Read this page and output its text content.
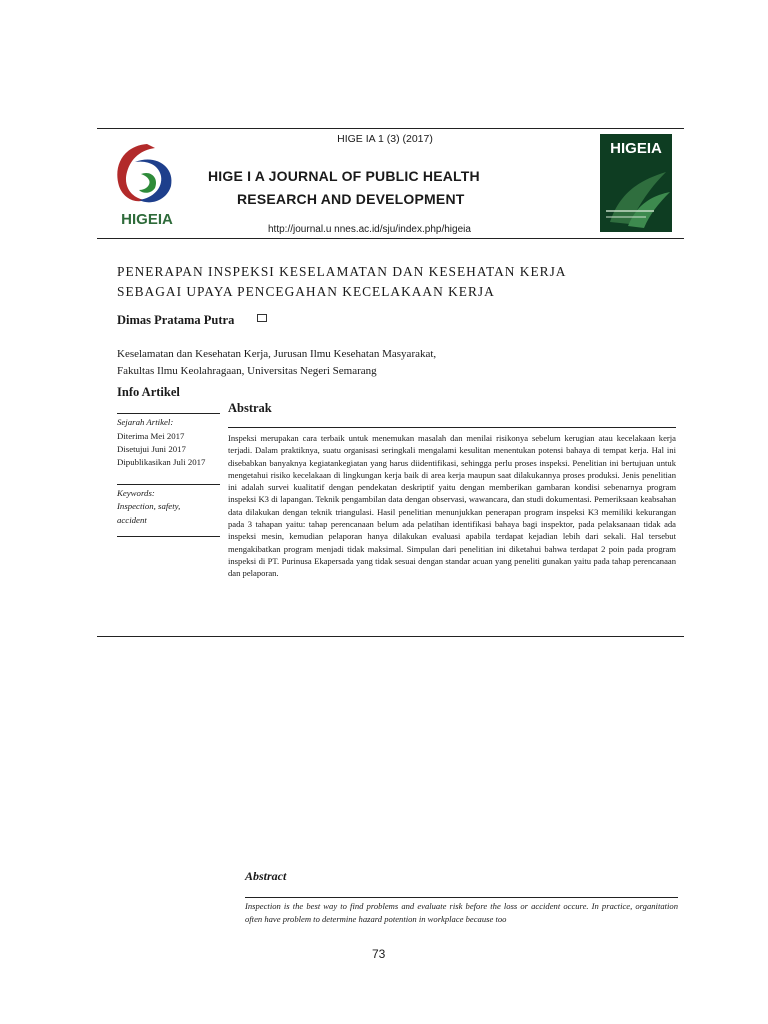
HIGE IA 1 (3) (2017)
HIGEIA
HIGE I A JOURNAL OF PUBLIC HEALTH
RESEARCH AND DEVELOPMENT
http://journal.u nnes.ac.id/sju/index.php/higeia
HIGEIA
PENERAPAN INSPEKSI KESELAMATAN DAN KESEHATAN KERJA
SEBAGAI UPAYA PENCEGAHAN KECELAKAAN KERJA
Dimas Pratama Putra
Keselamatan dan Kesehatan Kerja, Jurusan Ilmu Kesehatan Masyarakat,
Fakultas Ilmu Keolahragaan, Universitas Negeri Semarang
Info Artikel
Sejarah Artikel:
Diterima Mei 2017
Disetujui Juni 2017
Dipublikasikan Juli 2017
Keywords:
Inspection, safety, accident
Abstrak
Inspeksi merupakan cara terbaik untuk menemukan masalah dan menilai risikonya sebelum kerugian atau kecelakaan kerja terjadi. Dalam praktiknya, suatu organisasi seringkali mengalami kesulitan menentukan potensi bahaya di tempat kerja. Hal ini disebabkan banyaknya kegiatankegiatan yang harus diidentifikasi, sehingga perlu proses inspeksi. Penelitian ini bertujuan untuk mengetahui risiko kecelakaan di lingkungan kerja baik di area kerja maupun saat dilakukannya proses produksi. Jenis penelitian ini adalah survei kualitatif dengan pendekatan deskriptif yaitu dengan memberikan gambaran kondisi sebenarnya program inspeksi K3 di lapangan. Teknik pengambilan data dengan observasi, wawancara, dan studi dokumentasi. Pemeriksaan keabsahan data dilakukan dengan teknik triangulasi. Hasil penelitian menunjukkan penerapan program inspeksi K3 memiliki kekurangan pada 3 tahapan yaitu: tahap perencanaan belum ada pelatihan identifikasi bahaya bagi inspektor, pada pelaksanaan tidak ada inspeksi mesin, kemudian pelaporan hanya dilakukan evaluasi apabila terdapat kejadian lebih dari sekali. Hal tersebut mengakibatkan program menjadi tidak maksimal. Simpulan dari penelitian ini diketahui bahwa terdapat 2 poin pada program inspeksi di PT. Purinusa Ekapersada yang tidak sesuai dengan standar acuan yang peneliti gunakan yaitu pada tahap perencanaan dan pelaporan.
Abstract
Inspection is the best way to find problems and evaluate risk before the loss or accident occure. In practice, organitation often have problem to determine hazard potention in workplace because too
73
